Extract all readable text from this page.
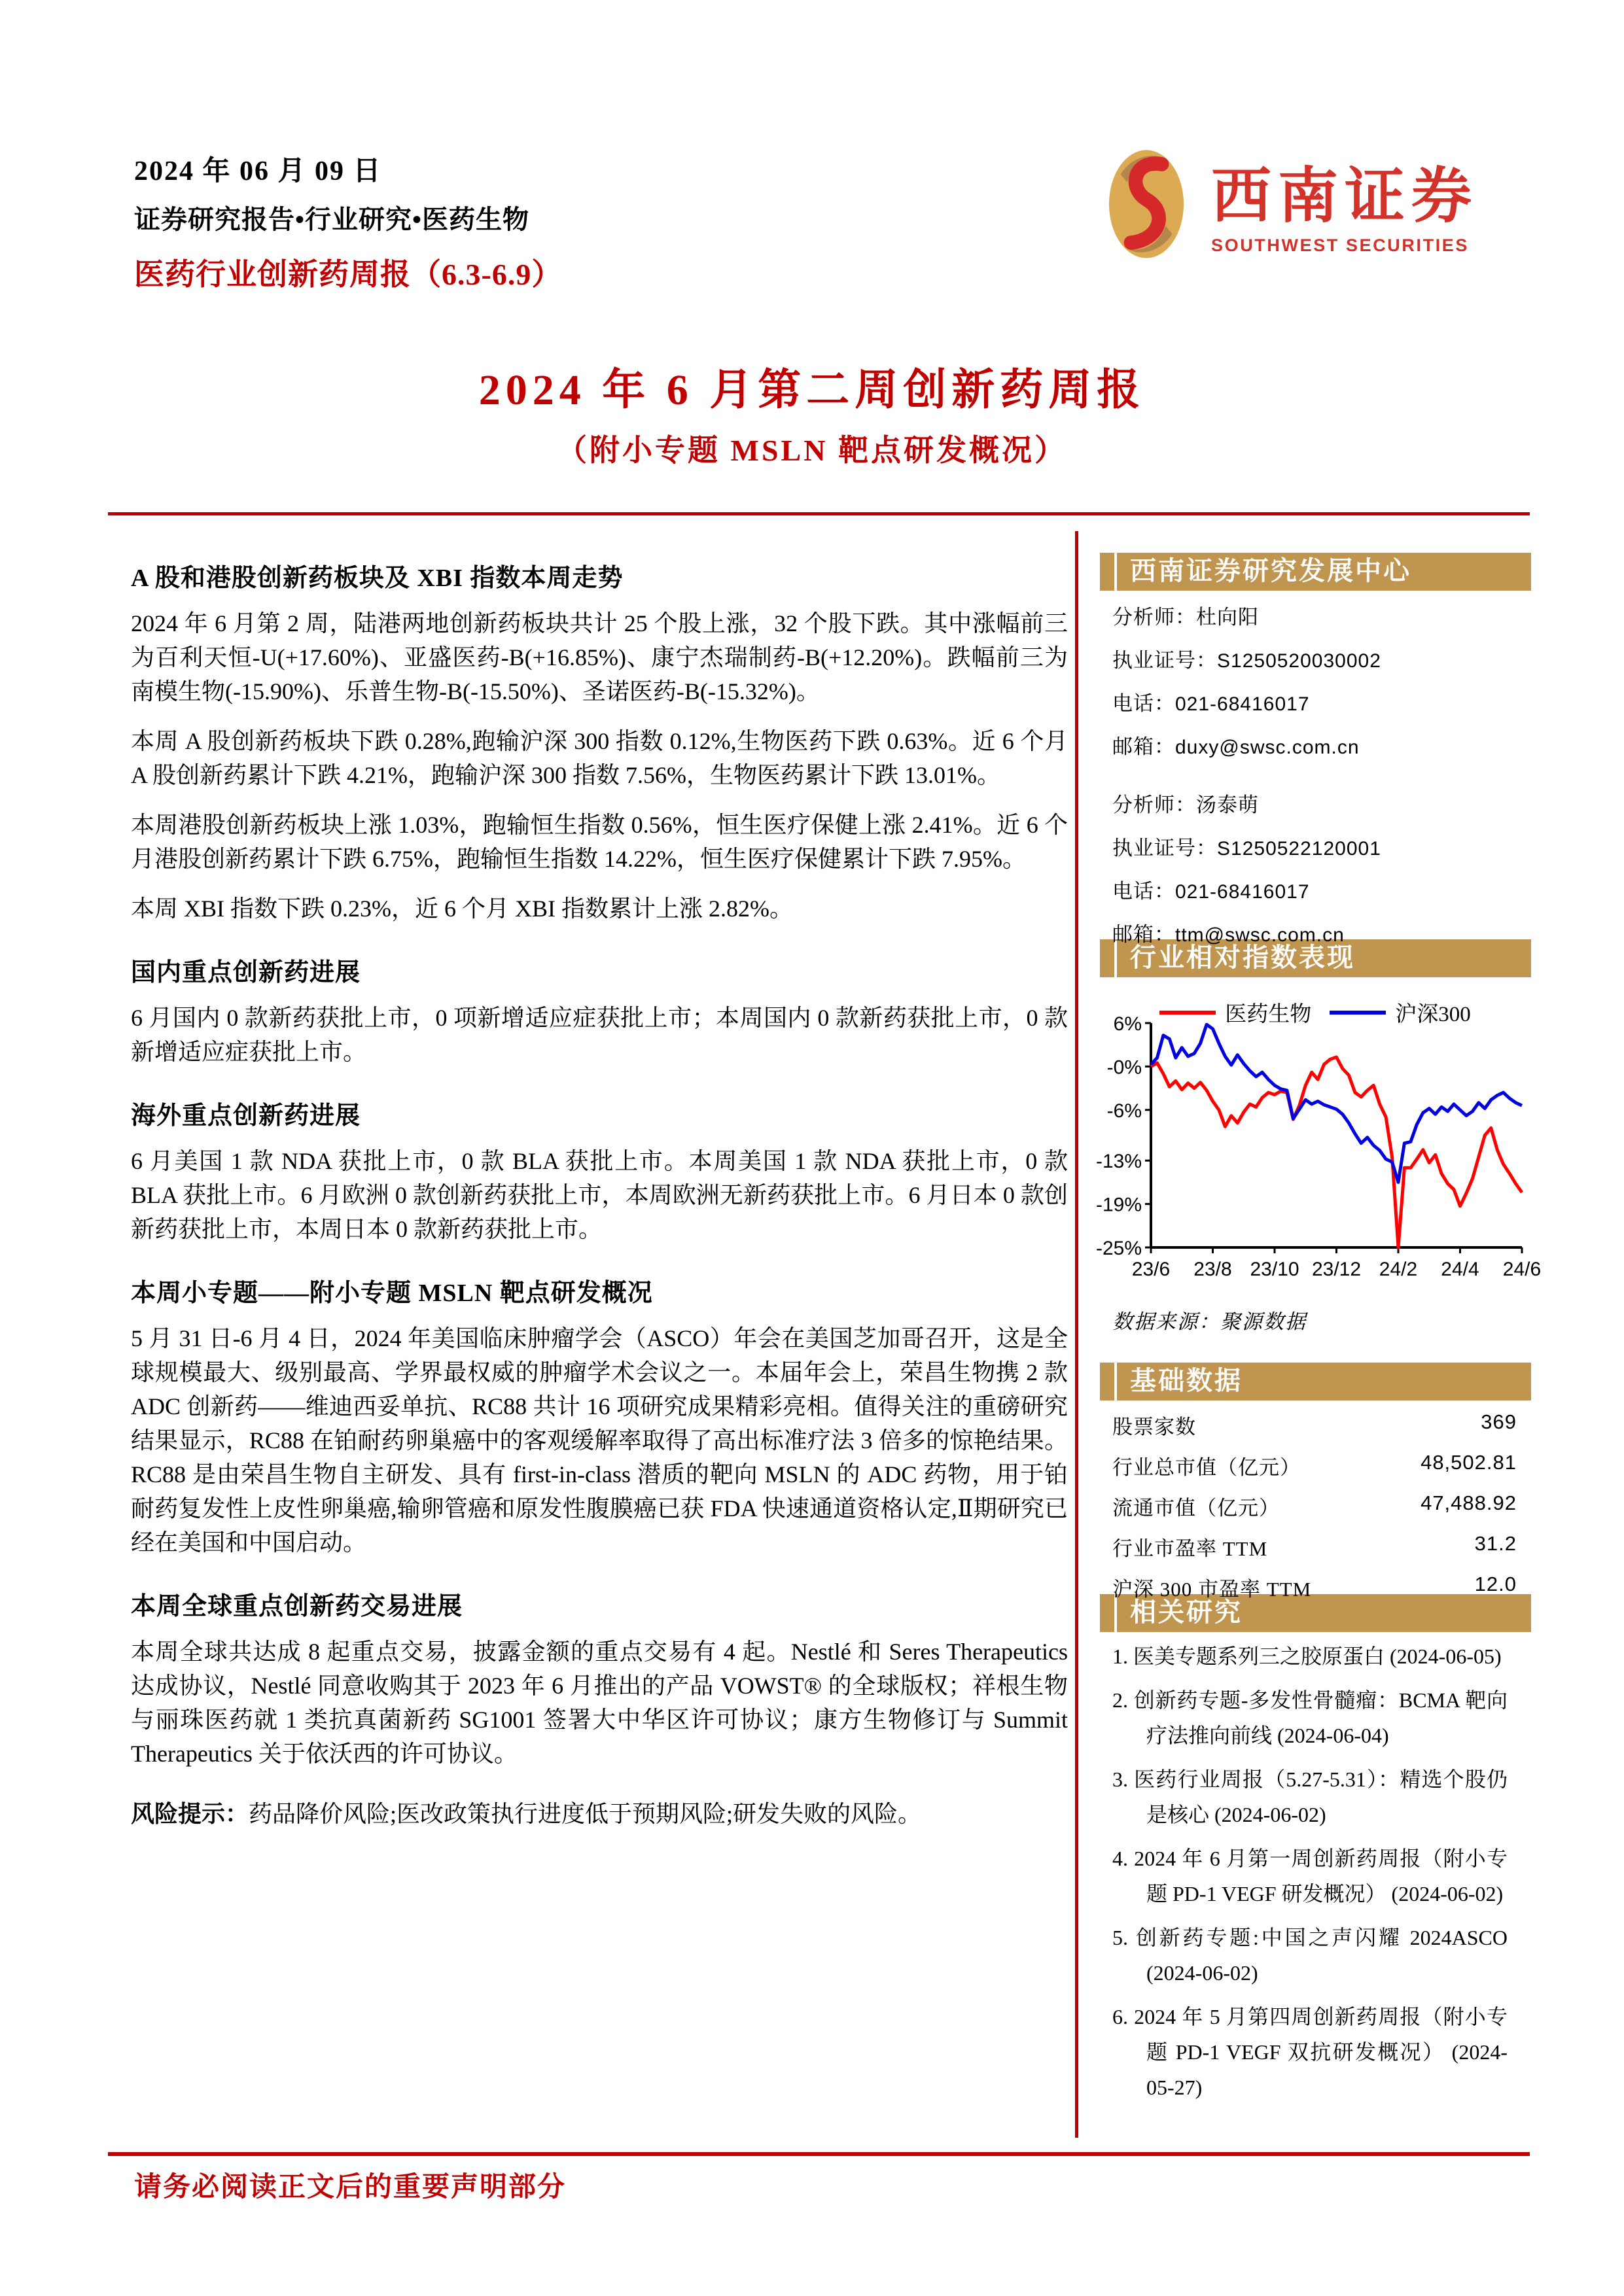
2024 年 06 月 09 日
证券研究报告•行业研究•医药生物
医药行业创新药周报（6.3-6.9）
西南证券
SOUTHWEST SECURITIES
2024 年 6 月第二周创新药周报
（附小专题 MSLN 靶点研发概况）
A 股和港股创新药板块及 XBI 指数本周走势

2024 年 6 月第 2 周，陆港两地创新药板块共计 25 个股上涨，32 个股下跌。其中涨幅前三为百利天恒-U(+17.60%)、亚盛医药-B(+16.85%)、康宁杰瑞制药-B(+12.20%)。跌幅前三为南模生物(-15.90%)、乐普生物-B(-15.50%)、圣诺医药-B(-15.32%)。

本周 A 股创新药板块下跌 0.28%,跑输沪深 300 指数 0.12%,生物医药下跌 0.63%。近 6 个月 A 股创新药累计下跌 4.21%，跑输沪深 300 指数 7.56%，生物医药累计下跌 13.01%。

本周港股创新药板块上涨 1.03%，跑输恒生指数 0.56%，恒生医疗保健上涨 2.41%。近 6 个月港股创新药累计下跌 6.75%，跑输恒生指数 14.22%，恒生医疗保健累计下跌 7.95%。

本周 XBI 指数下跌 0.23%，近 6 个月 XBI 指数累计上涨 2.82%。

国内重点创新药进展

6 月国内 0 款新药获批上市，0 项新增适应症获批上市；本周国内 0 款新药获批上市，0 款新增适应症获批上市。

海外重点创新药进展

6 月美国 1 款 NDA 获批上市，0 款 BLA 获批上市。本周美国 1 款 NDA 获批上市，0 款 BLA 获批上市。6 月欧洲 0 款创新药获批上市，本周欧洲无新药获批上市。6 月日本 0 款创新药获批上市，本周日本 0 款新药获批上市。

本周小专题——附小专题 MSLN 靶点研发概况

5 月 31 日-6 月 4 日，2024 年美国临床肿瘤学会（ASCO）年会在美国芝加哥召开，这是全球规模最大、级别最高、学界最权威的肿瘤学术会议之一。本届年会上，荣昌生物携 2 款 ADC 创新药——维迪西妥单抗、RC88 共计 16 项研究成果精彩亮相。值得关注的重磅研究结果显示，RC88 在铂耐药卵巢癌中的客观缓解率取得了高出标准疗法 3 倍多的惊艳结果。RC88 是由荣昌生物自主研发、具有 first-in-class 潜质的靶向 MSLN 的 ADC 药物，用于铂耐药复发性上皮性卵巢癌,输卵管癌和原发性腹膜癌已获 FDA 快速通道资格认定,Ⅱ期研究已经在美国和中国启动。

本周全球重点创新药交易进展

本周全球共达成 8 起重点交易，披露金额的重点交易有 4 起。Nestlé 和 Seres Therapeutics 达成协议，Nestlé 同意收购其于 2023 年 6 月推出的产品 VOWST® 的全球版权；祥根生物与丽珠医药就 1 类抗真菌新药 SG1001 签署大中华区许可协议；康方生物修订与 Summit Therapeutics 关于依沃西的许可协议。

风险提示：药品降价风险;医改政策执行进度低于预期风险;研发失败的风险。

西南证券研究发展中心
行业相对指数表现
基础数据
相关研究
分析师：杜向阳
执业证号：S1250520030002
电话：021-68416017
邮箱：duxy@swsc.com.cn
分析师：汤泰萌
执业证号：S1250522120001
电话：021-68416017
邮箱：ttm@swsc.com.cn
医药生物	沪深300
6%
-0%
-6%
-13%
-19%
-25%
23/6 23/8 23/10 23/12 24/2 24/4 24/6
数据来源：聚源数据
股票家数	369
行业总市值（亿元）	48,502.81
流通市值（亿元）	47,488.92
行业市盈率 TTM	31.2
沪深 300 市盈率 TTM	12.0
1. 医美专题系列三之胶原蛋白 (2024-06-05)
2. 创新药专题-多发性骨髓瘤：BCMA 靶向疗法推向前线 (2024-06-04)
3. 医药行业周报（5.27-5.31）：精选个股仍是核心 (2024-06-02)
4. 2024 年 6 月第一周创新药周报（附小专题 PD-1 VEGF 研发概况） (2024-06-02)
5. 创新药专题:中国之声闪耀 2024ASCO (2024-06-02)
6. 2024 年 5 月第四周创新药周报（附小专题 PD-1 VEGF 双抗研发概况） (2024-05-27)
请务必阅读正文后的重要声明部分
